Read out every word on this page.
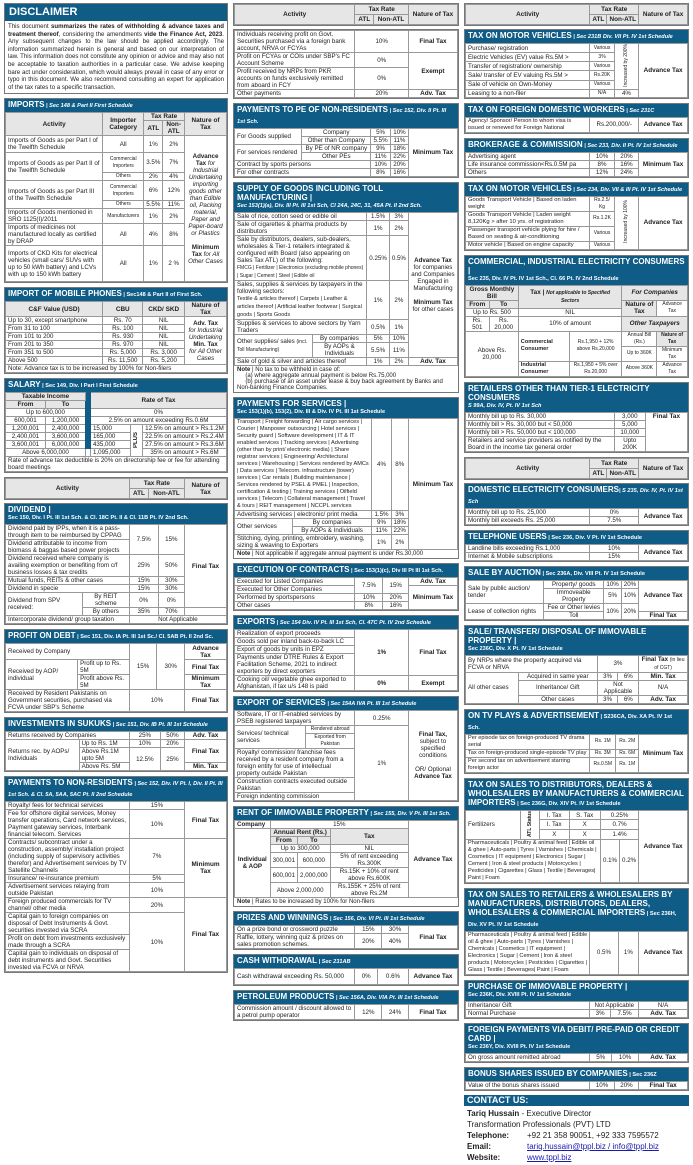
DISCLAIMER
This document summarizes the rates of withholding & advance taxes and treatment thereof, considering the amendments vide the Finance Act, 2023. Any subsequent changes to the law should be applied accordingly. The information summarized herein is general and based on our interpretation of law. This information does not constitute any opinion or advice and may also not be acceptable to taxation authorities in a particular case. We advise keeping bare act under consideration, which would always prevail in case of any error or typo in this document. We also recommend consulting an expert for application of the tax rates to a specific transaction.
IMPORTS | Sec 148 & Part II First Schedule
Activity	Importer Category	Tax Rate		Nature of Tax
		ATL	Non-ATL	
Imports of Goods as per Part I of the Twelfth Schedule	All	1%	2%	Advance Tax for Industrial Undertaking importing goods other than Edible oil, Packing material, Paper and Paper-board or Plastics

Minimum Tax for All Other Cases
Imports of Goods as per Part II of the Twelfth Schedule	Commercial Importers	3.5%	7%	
	Others	2%	4%	
Imports of Goods as per Part III of the Twelfth Schedule	Commercial Importers	6%	12%	
	Others	5.5%	11%	
Imports of Goods mentioned in SRO 1125(I)/2011	Manufacturers	1%	2%	
Imports of medicines not manufactured locally as certified by DRAP	All	4%	8%	
Imports of CKD Kits for electrical vehicles (small cars/ SUVs with up to 50 kWh battery) and LCVs with up to 150 kWh battery	All	1%	2 %	
IMPORT OF MOBILE PHONES | Sec148 & Part II of First Sch.
C&F Value (USD)	CBU	CKD/ SKD	Nature of Tax
Up to 30, except smartphone	Rs. 70	NIL	Adv. Tax
for Industrial Undertaking
Min. Tax
for All Other Cases
From 31 to 100	Rs. 100	NIL	
From 101 to 200	Rs. 930	NIL	
From 201 to 350	Rs. 970	NIL	
From 351 to 500	Rs. 5,000	Rs. 3,000	
Above 500	Rs. 11,500	Rs. 5,200	
Note: Advance tax is to be increased by 100% for Non-filers			
SALARY | Sec 149, Div. I Part I First Schedule
Taxable Income			Rate of Tax		
From	To				
Up to 600,000			0%		
600,001	1,200,000		2.5% on amount exceeding Rs.0.6M		
1,200,001	2,400,000		15,000	PLUS	12.5% on amount > Rs.1.2M
2,400,001	3,600,000		165,000		22.5% on amount > Rs.2.4M
3,600,001	6,000,000		435,000		27.5% on amount > Rs.3.6M
Above 6,000,000			1,095,000		35% on amount > Rs.6M
Rate of advance tax deductible is 20% on directorship fee or fee for attending board meetings					
Activity	Tax Rate		Nature of Tax
	ATL	Non-ATL	
DIVIDEND |
Sec 150, Div. I Pt. III 1st Sch. & Cl. 18C Pt. II & Cl. 11B Pt. IV 2nd Sch.
Dividend paid by IPPs, when it is a pass-through item to be reimbursed by CPPAG		7.5%	15%	Final Tax
Dividend attributable to income from biomass & baggas based power projects				
Dividend received where company is availing exemption or benefiting from c/f business losses & tax credits		25%	50%	
Mutual funds, REITs & other cases		15%	30%	
Dividend in specie		15%	30%	
Dividend from SPV received:	By REIT scheme	0%	0%	
	By others	35%	70%	
Intercorporate dividend/ group taxation		Not Applicable		
PROFIT ON DEBT | Sec 151, Div. IA Pt. III 1st Sc./ Cl. 5AB Pt. II 2nd Sc.
Received by Company		15%	30%	Advance Tax
Received by AOP/ individual	Profit up to Rs. 5M			Final Tax
	Profit above Rs. 5M			Minimum Tax
Received by Resident Pakistanis on Government securities, purchased via FCVA under SBP's Scheme		10%		Final Tax
INVESTMENTS IN SUKUKS | Sec 151, Div. IB Pt. III 1st Schedule
Returns received by Companies		25%	50%	Adv. Tax
Returns rec. by AOPs/ Individuals	Up to Rs. 1M	10%	20%	Final Tax
	Above Rs.1M upto 5M	12.5%	25%	
	Above Rs. 5M			Min. Tax
PAYMENTS TO NON-RESIDENTS | Sec 152, Div. IV Pt. I, Div. II Pt. III 1st Sch. & Cl. 5A, 5AA, 5AC Pt. II 2nd Schedule
Royalty/ fees for technical services	15%	Final Tax
Fee for offshore digital services, Money transfer operations, Card network services, Payment gateway services, Interbank financial telecom. Services	10%	
Contracts/ subcontract under a construction, assembly/ installation project (including supply of supervisory activities therefor) and Advertisement services by TV Satellite Channels	7%	Minimum Tax
Insurance/ re-insurance premium	5%	
Advertisement services relaying from outside Pakistan	10%	
Foreign produced commercials for TV channel/ other media	20%	Final Tax
Capital gain to foreign companies on disposal of Debt Instruments & Govt. securities invested via SCRA	10%	
Profit on debt from investments exclusively made through a SCRA		
Capital gain to individuals on disposal of debt instruments and Govt. Securities invested via FCVA or NRVA		
Activity	Tax Rate		Nature of Tax
	ATL	Non-ATL	
Individuals receiving profit on Govt. Securities purchased via a foreign bank account, NRVA or FCYAs	10%	Final Tax
Profit on FCYAs or COIs under SBP's FC Account Scheme	0%	Exempt
Profit received by NRPs from PKR accounts on funds exclusively remitted from aboard in FCY	0%	
Other payments	20%	Adv. Tax
PAYMENTS TO PE OF NON-RESIDENTS | Sec 152, Div. II Pt. III 1st Sch.
For Goods supplied	Company	5%	10%	Minimum Tax
	Other than Company	5.5%	11%	
For services rendered	By PE of NR company	9%	18%	
	Other PEs	11%	22%	
Contract by sports persons		10%	20%	
For other contracts		8%	16%	
SUPPLY OF GOODS INCLUDING TOLL MANUFACTURING |
Sec 153(1)(a), Div. III Pt. III 1st Sch, Cl 24A, 24C, 31, 45A Pt. II 2nd Sch.
Sale of rice, cotton seed or edible oil		1.5%	3%	Advance Tax for companies and Companies Engaged in Manufacturing

Minimum Tax for other cases
Sale of cigarettes & pharma products by distributors		1%	2%	
Sale by distributors, dealers, sub-dealers, wholesales & Tier-1 retailers integrated & configured with Board (also appearing on Sales Tax ATL) of the following:
FMCG | Fertilizer | Electronics (excluding mobile phones) | Sugar | Cement | Steel | Edible oil		0.25%	0.5%	
Sales, supplies & services by taxpayers in the following sectors:
Textile & articles thereof | Carpets | Leather & articles thereof | Artificial leather footwear | Surgical goods | Sports Goods		1%	2%	
Supplies & services to above sectors by Yarn Traders		0.5%	1%	
Other supplies/ sales (incl. Toll Manufacturing)	By companies	5%	10%	
	By AOPs & Individuals	5.5%	11%	
Sale of gold & silver and articles thereof		1%	2%	Adv. Tax
Note | No tax to be withheld in case of:
(a) where aggregate annual payment is below Rs.75,000
(b) purchase of an asset under lease & buy back agreement by Banks and Non-banking Finance Companies.
PAYMENTS FOR SERVICES |
Sec 153(1)(b), 153(2), Div. III & Div. IV Pt. III 1st Schedule
Transport | Freight forwarding | Air cargo services | Courier | Manpower outsourcing | Hotel services | Security guard | Software development | IT & IT enabled services | Tracking services | Advertising (other than by print/ electronic media) | Share registrar services | Engineering/ Architectural services | Warehousing | Services rendered by AMCs | Data services | Telecom. infrastructure (tower) services | Car rentals | Building maintenance | Services rendered by PSEL & PMEL | Inspection, certification & testing | Training services | Oilfield services | Telecom | Collateral management | Travel & tours | REIT management | NCCPL services		4%	8%	Minimum Tax
Advertising services | electronic/ print media		1.5%	3%	
Other services	By companies	9%	18%	
	By AOPs & Individuals	11%	22%	
Stitching, dying, printing, embroidery, washing, sizing & weaving to Exporters		1%	2%	
Note | Not applicable if aggregate annual payment is under Rs.30,000
EXECUTION OF CONTRACTS | Sec 153(1)(c), Div III Pt III 1st Sch.
Executed for Listed Companies	7.5%	15%	Adv. Tax
Executed for Other Companies			Minimum Tax
Performed by sportspersons	10%	20%	
Other cases	8%	16%	
EXPORTS | Sec 154 Div. IV Pt. III 1st Sch, Cl. 47C Pt. IV 2nd Schedule
Realization of export proceeds	1%	Final Tax
Goods sold per inland back-to-back LC		
Export of goods by units in EPZ		
Payments under DTRE Rules & Export Facilitation Scheme, 2021 to indirect exporters by direct exporters		
Cooking oil/ vegetable ghee exported to Afghanistan, if tax u/s 148 is paid	0%	Exempt
EXPORT OF SERVICES | Sec 154A IVA Pt. III 1st Schedule
Software, IT or IT-enabled services by PSEB registered taxpayers		0.25%	Final Tax,
subject to specified conditions

OR/ Optional
Advance Tax
Services/ technical services	Rendered abroad	1%	
	Exported from Pakistan		
Royalty/ commission/ franchise fees received by a resident company from a foreign entity for use of intellectual property outside Pakistan			
Construction contracts executed outside Pakistan			
Foreign indenting commission			
RENT OF IMMOVABLE PROPERTY | Sec 155, Div. V Pt. III 1st Sch.
Company	15%			Advance Tax
Individual & AOP	Annual Rent (Rs.)		Tax	
	From	To		
	Up to 300,000		NIL	
	300,001	600,000	5% of rent exceeding Rs.300K	
	600,001	2,000,000	Rs.15K + 10% of rent above Rs.600K	
	Above 2,000,000		Rs.155K + 25% of rent above Rs.2M	
Note | Rates to be increased by 100% for Non-filers
PRIZES AND WINNINGS | Sec 156, Div. VI Pt. III 1st Schedule
On a prize bond or crossword puzzle	15%	30%	Final Tax
Raffle, lottery, winning quiz & prizes on sales promotion schemes.	20%	40%	
CASH WITHDRAWAL | Sec 231AB
Cash withdrawal exceeding Rs. 50,000	0%	0.6%	Advance Tax
PETROLEUM PRODUCTS | Sec 156A, Div. VIA Pt. III 1st Schedule
Commission amount / discount allowed to a petrol pump operator	12%	24%	Final Tax
Activity	Tax Rate		Nature of Tax
	ATL	Non-ATL	
TAX ON MOTOR VEHICLES | Sec 231B Div. VII Pt. IV 1st Schedule
Purchase/ registration	Various	Increased by 200%	Advance Tax
Electric Vehicles (EV) value Rs.5M >	3%		
Transfer of registration/ ownership	Various		
Sale/ transfer of EV valuing Rs.5M >	Rs.20K		
Sale of vehicle on Own-Money	Various		
Leasing to a non-filer	N/A	4%	
TAX ON FOREIGN DOMESTIC WORKERS | Sec 231C
Agency/ Sponsor/ Person to whom visa is issued or renewed for Foreign National	Rs.200,000/-	Advance Tax
BROKERAGE & COMMISSION | Sec 233, Div. II Pt. IV 1st Schedule
Advertising agent	10%	20%	Minimum Tax
Life insurance commission<Rs.0.5M pa	8%	16%	
Others	12%	24%	
TAX ON MOTOR VEHICLES | Sec 234, Div. VII & III Pt. IV 1st Schedule
Goods Transport Vehicle | Based on laden weight	Rs.2.5/ Kg	Increased by 100%	Advance Tax
Goods Transport Vehicle | Laden weight 8,120Kg > after 10 yrs. of registration	Rs.1.2K		
Passenger transport vehicle plying for hire / Based on seating & air-conditioning	Various		
Motor vehicle | Based on engine capacity	Various		
COMMERCIAL, INDUSTRIAL ELECTRICITY CONSUMERS |
Sec 235, Div. IV Pt. IV 1st Sch., Cl. 66 Pt. IV 2nd Schedule
Gross Monthly Bill		Tax | Not applicable to Specified Sectors		For Companies	
From	To			Nature of Tax	Advance Tax
Up to Rs. 500		NIL			
Rs. 501	Rs. 20,000	10% of amount		Other Taxpayers	
Above Rs. 20,000		Commercial Consumer	Rs.1,950 + 12% above Rs.20,000	Annual Bill (Rs.)	Nature of Tax
				Up to 360K	Minimum Tax
		Industrial Consumer	Rs.1,950 + 5% over Rs.20,000	Above 360K	Advance Tax
RETAILERS OTHER THAN TIER-1 ELECTRICITY CONSUMERS
S 99A, Div. IV, Pt. IV 1st Sch
Monthly bill up to Rs. 30,000	3,000	Final Tax
Monthly bill > Rs. 30,000 but < 50,000	5,000	
Monthly bill > Rs. 50,000 but < 100,000	10,000	
Retailers and service providers as notified by the Board in the income tax general order	Upto 200K	
Activity	Tax Rate		Nature of Tax
	ATL	Non-ATL	
DOMESTIC ELECTRICITY CONSUMERS| S 235, Div. IV, Pt. IV 1st Sch
Monthly bill up to Rs. 25,000	0%	Advance Tax
Monthly bill exceeds Rs. 25,000	7.5%	
TELEPHONE USERS | Sec 236, Div. V Pt. IV 1st Schedule
Landline bills exceeding Rs.1,000	10%	Advance Tax
Internet & Mobile subscriptions	15%	
SALE BY AUCTION | Sec 236A, Div. VIII Pt. IV 1st Schedule
Sale by public auction/ tender	Property/ goods	10%	20%	Advance Tax
	Immoveable Property	5%	10%	
Lease of collection rights	Fee or Other levies	10%	20%	
	Toll			Final Tax
SALE/ TRANSFER/ DISPOSAL OF IMMOVABLE PROPERTY |
Sec 236C, Div. X Pt. IV 1st Schedule
By NRPs where the property acquired via FCVA or NRVA		3%		Final Tax (in lieu of CGT)
All other cases	Acquired in same year	3%	6%	Min. Tax
	Inheritance/ Gift	Not Applicable		N/A
	Other cases	3%	6%	Adv. Tax
ON TV PLAYS & ADVERTISEMENT | S236CA, Div. XA Pt. IV 1st Sch.
Per episode tax on foreign-produced TV drama serial	Rs. 1M	Rs. 2M	Minimum Tax
Tax on foreign-produced single-episode TV play	Rs. 3M	Rs. 6M	
Per second tax on advertisement starring foreign actor	Rs.0.5M	Rs. 1M	
TAX ON SALES TO DISTRIBUTORS, DEALERS & WHOLESALERS BY MANUFACTURERS & COMMERCIAL IMPORTERS | Sec 236G, Div. XIV Pt. IV 1st Schedule
Fertilizers	ATL Status	I. Tax	S. Tax	0.25%		Advance Tax
		I. Tax	X	0.7%		
		X	X	1.4%		
Pharmaceuticals | Poultry & animal feed | Edible oil & ghee | Auto-parts | Tyres | Varnishes | Chemicals | Cosmetics | IT equipment | Electronics | Sugar | Cement | Iron & steel products | Motorcycles | Pesticides | Cigarettes | Glass | Textile | Beverages| Paint | Foam				0.1%	0.2%	
TAX ON SALES TO RETAILERS & WHOLESALERS BY MANUFACTURERS, DISTRIBUTORS, DEALERS, WHOLESALERS & COMMERCIAL IMPORTERS | Sec 236H, Div. XV Pt. IV 1st Schedule
Pharmaceuticals | Poultry & animal feed | Edible oil & ghee | Auto-parts | Tyres | Varnishes | Chemicals | Cosmetics | IT equipment | Electronics | Sugar | Cement | Iron & steel products | Motorcycles | Pesticides | Cigarettes | Glass | Textile | Beverages| Paint | Foam	0.5%	1%	Advance Tax
PURCHASE OF IMMOVABLE PROPERTY |
Sec 236K, Div. XVIII Pt. IV 1st Schedule
Inheritance/ Gift	Not Applicable		N/A
Normal Purchase	3%	7.5%	Adv. Tax
FOREIGN PAYMENTS VIA DEBIT/ PRE-PAID OR CREDIT CARD |
Sec 236Y, Div. XVIII Pt. IV 1st Schedule
On gross amount remitted abroad	5%	10%	Adv. Tax
BONUS SHARES ISSUED BY COMPANIES | Sec 236Z
Value of the bonus shares issued	10%	20%	Final Tax
CONTACT US:
Tariq Hussain - Executive Director
Transformation Professionals (PVT) LTD
Telephone: +92 21 358 90051, +92 333 7595572
Email:	tariq.hussain@tppl.biz / info@tppl.biz
Website:	www.tppl.biz
